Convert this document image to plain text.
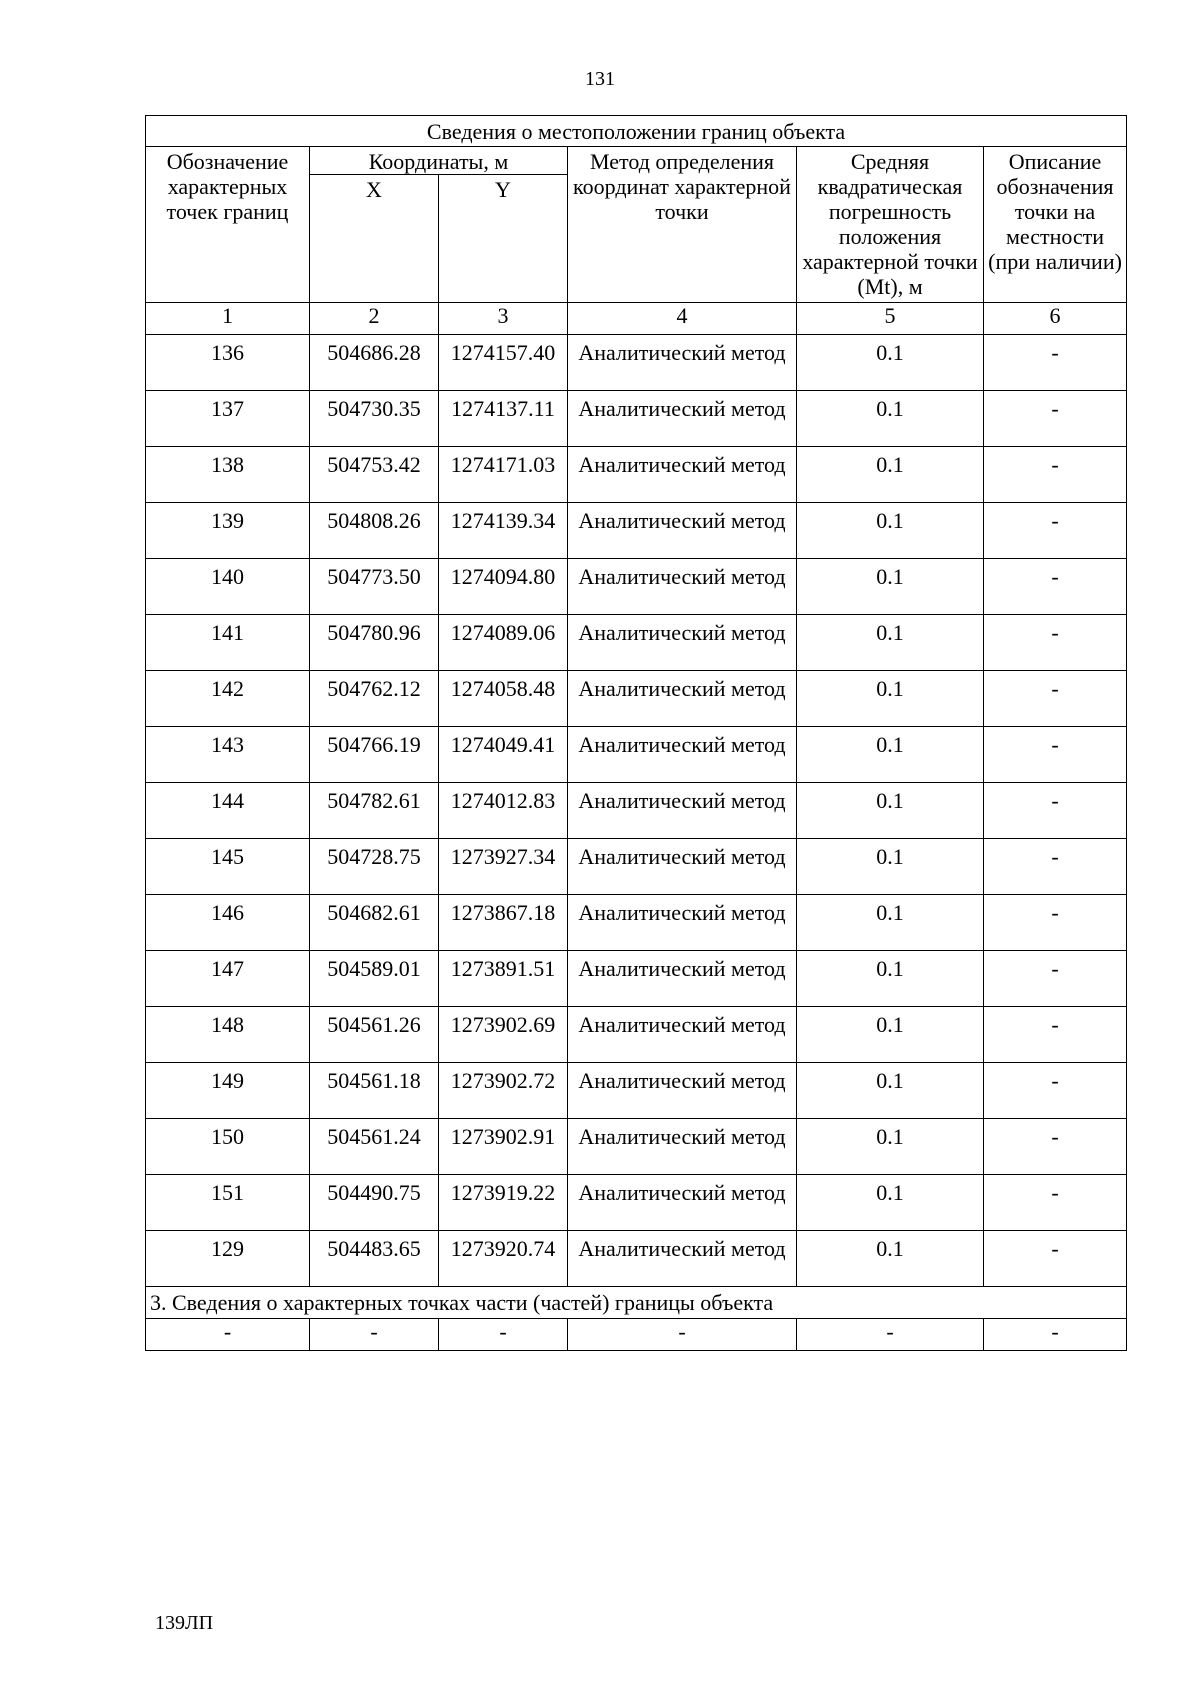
131
Сведения о местоположении границ объекта					
Обозначение характерных точек границ	Координаты, м		Метод определения координат характерной точки	Средняя квадратическая погрешность положения характерной точки (Mt), м	Описание обозначения точки на местности (при наличии)
	X	Y			
1	2	3	4	5	6
136	504686.28	1274157.40	Аналитический метод	0.1	-
137	504730.35	1274137.11	Аналитический метод	0.1	-
138	504753.42	1274171.03	Аналитический метод	0.1	-
139	504808.26	1274139.34	Аналитический метод	0.1	-
140	504773.50	1274094.80	Аналитический метод	0.1	-
141	504780.96	1274089.06	Аналитический метод	0.1	-
142	504762.12	1274058.48	Аналитический метод	0.1	-
143	504766.19	1274049.41	Аналитический метод	0.1	-
144	504782.61	1274012.83	Аналитический метод	0.1	-
145	504728.75	1273927.34	Аналитический метод	0.1	-
146	504682.61	1273867.18	Аналитический метод	0.1	-
147	504589.01	1273891.51	Аналитический метод	0.1	-
148	504561.26	1273902.69	Аналитический метод	0.1	-
149	504561.18	1273902.72	Аналитический метод	0.1	-
150	504561.24	1273902.91	Аналитический метод	0.1	-
151	504490.75	1273919.22	Аналитический метод	0.1	-
129	504483.65	1273920.74	Аналитический метод	0.1	-
3. Сведения о характерных точках части (частей) границы объекта					
-	-	-	-	-	-
139ЛП
